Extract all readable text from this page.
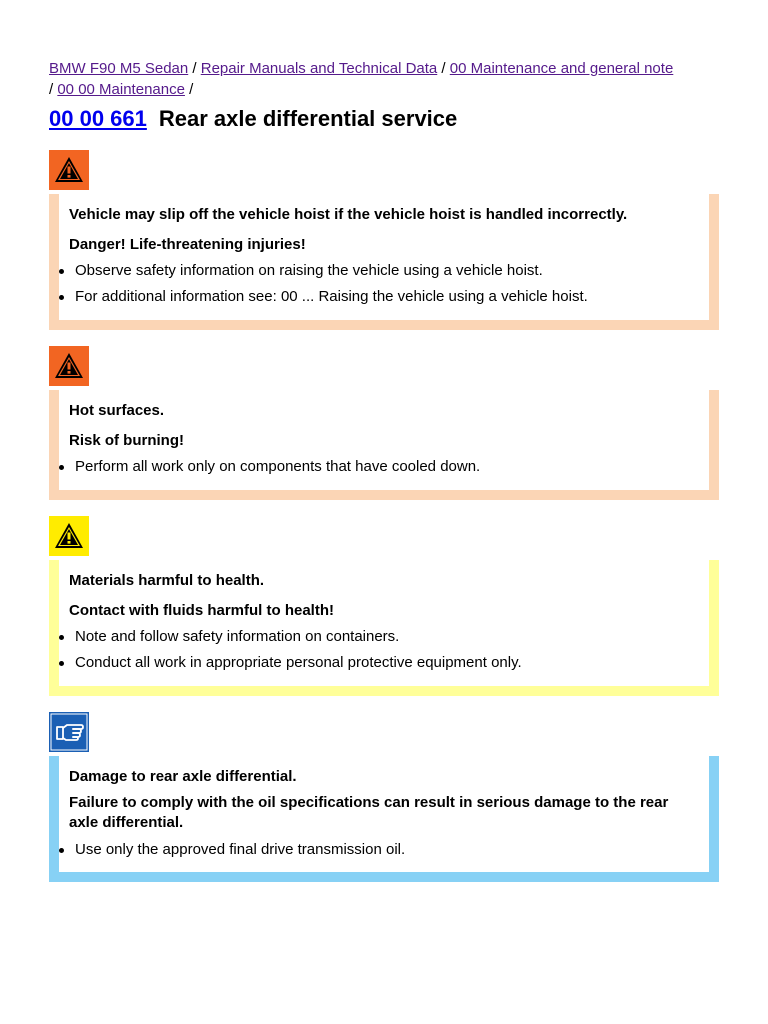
BMW F90 M5 Sedan / Repair Manuals and Technical Data / 00 Maintenance and general note
/ 00 00 Maintenance /
00 00 661 Rear axle differential service
Vehicle may slip off the vehicle hoist if the vehicle hoist is handled incorrectly.
Danger! Life-threatening injuries!
Observe safety information on raising the vehicle using a vehicle hoist.
For additional information see: 00 ... Raising the vehicle using a vehicle hoist.
Hot surfaces.
Risk of burning!
Perform all work only on components that have cooled down.
Materials harmful to health.
Contact with fluids harmful to health!
Note and follow safety information on containers.
Conduct all work in appropriate personal protective equipment only.
Damage to rear axle differential.
Failure to comply with the oil specifications can result in serious damage to the rear axle differential.
Use only the approved final drive transmission oil.
